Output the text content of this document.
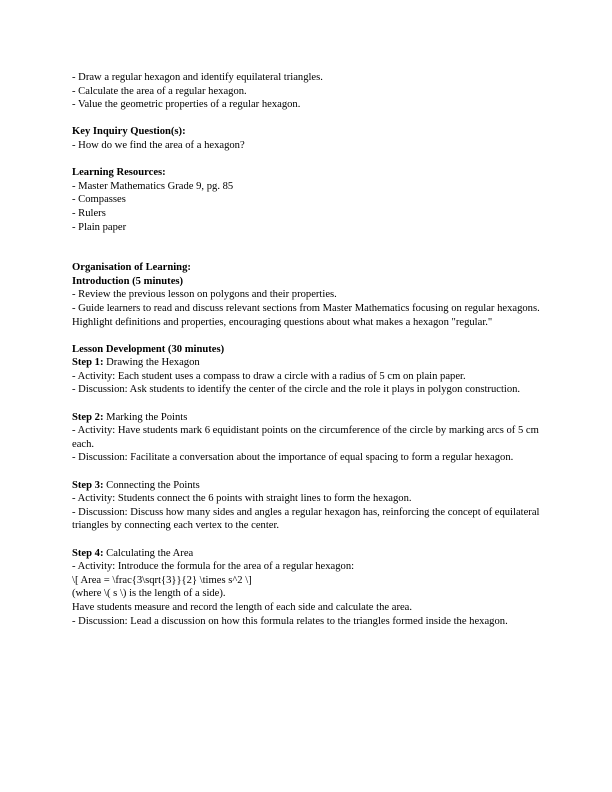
- Draw a regular hexagon and identify equilateral triangles.
- Calculate the area of a regular hexagon.
- Value the geometric properties of a regular hexagon.
Key Inquiry Question(s):
- How do we find the area of a hexagon?
Learning Resources:
- Master Mathematics Grade 9, pg. 85
- Compasses
- Rulers
- Plain paper
Organisation of Learning:
Introduction (5 minutes)
- Review the previous lesson on polygons and their properties.
- Guide learners to read and discuss relevant sections from Master Mathematics focusing on regular hexagons. Highlight definitions and properties, encouraging questions about what makes a hexagon "regular."
Lesson Development (30 minutes)
Step 1: Drawing the Hexagon
- Activity: Each student uses a compass to draw a circle with a radius of 5 cm on plain paper.
- Discussion: Ask students to identify the center of the circle and the role it plays in polygon construction.
Step 2: Marking the Points
- Activity: Have students mark 6 equidistant points on the circumference of the circle by marking arcs of 5 cm each.
- Discussion: Facilitate a conversation about the importance of equal spacing to form a regular hexagon.
Step 3: Connecting the Points
- Activity: Students connect the 6 points with straight lines to form the hexagon.
- Discussion: Discuss how many sides and angles a regular hexagon has, reinforcing the concept of equilateral triangles by connecting each vertex to the center.
Step 4: Calculating the Area
- Activity: Introduce the formula for the area of a regular hexagon:
\[ Area = \frac{3\sqrt{3}}{2} \times s^2 \]
(where \( s \) is the length of a side).
Have students measure and record the length of each side and calculate the area.
- Discussion: Lead a discussion on how this formula relates to the triangles formed inside the hexagon.
